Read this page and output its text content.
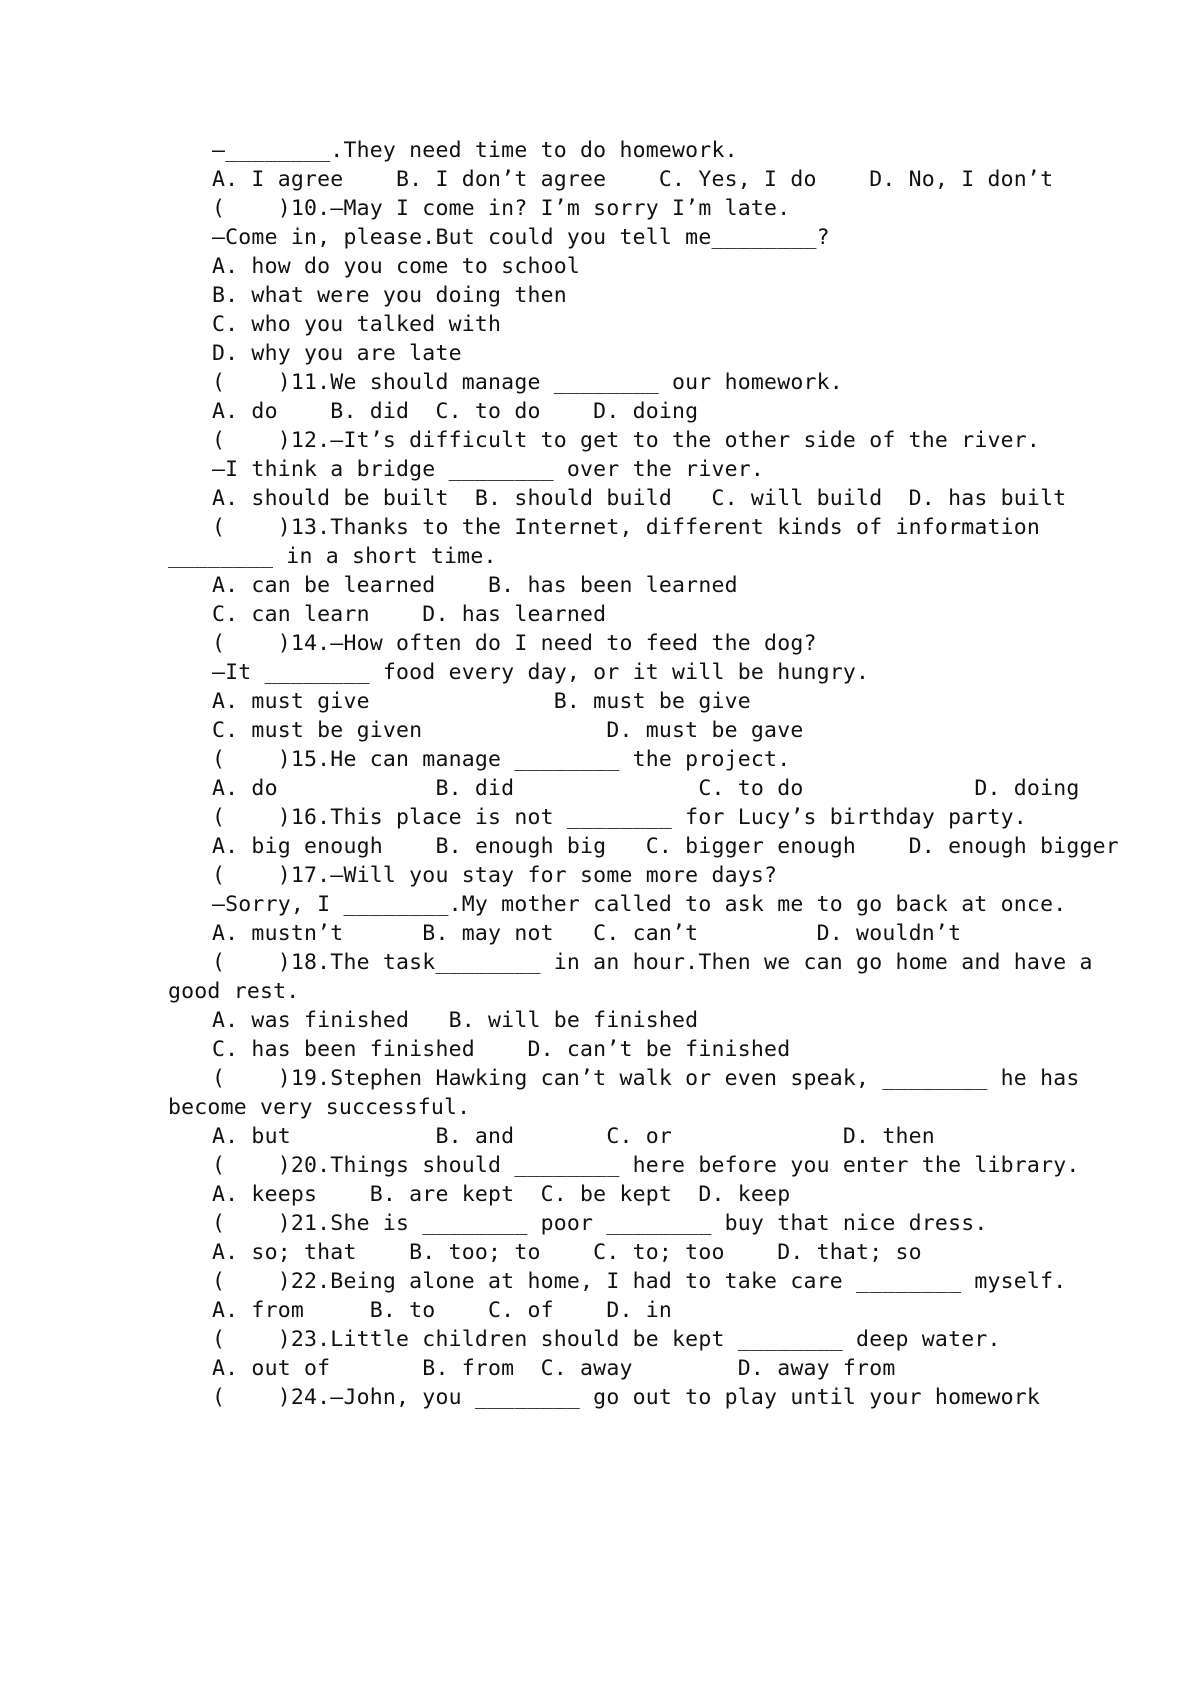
—________.They need time to do homework.
A. I agree    B. I don’t agree    C. Yes, I do    D. No, I don’t
(    )10.—May I come in? I’m sorry I’m late.
—Come in, please.But could you tell me________?
A. how do you come to school
B. what were you doing then
C. who you talked with
D. why you are late
(    )11.We should manage ________ our homework.
A. do    B. did  C. to do    D. doing
(    )12.—It’s difficult to get to the other side of the river.
—I think a bridge ________ over the river.
A. should be built  B. should build   C. will build  D. has built
(    )13.Thanks to the Internet, different kinds of information
________ in a short time.
A. can be learned    B. has been learned
C. can learn    D. has learned
(    )14.—How often do I need to feed the dog?
—It ________ food every day, or it will be hungry.
A. must give              B. must be give
C. must be given              D. must be gave
(    )15.He can manage ________ the project.
A. do            B. did              C. to do             D. doing
(    )16.This place is not ________ for Lucy’s birthday party.
A. big enough    B. enough big   C. bigger enough    D. enough bigger
(    )17.—Will you stay for some more days?
—Sorry, I ________.My mother called to ask me to go back at once.
A. mustn’t      B. may not   C. can’t         D. wouldn’t
(    )18.The task________ in an hour.Then we can go home and have a
good rest.
A. was finished   B. will be finished
C. has been finished    D. can’t be finished
(    )19.Stephen Hawking can’t walk or even speak, ________ he has
become very successful.
A. but           B. and       C. or             D. then
(    )20.Things should ________ here before you enter the library.
A. keeps    B. are kept  C. be kept  D. keep
(    )21.She is ________ poor ________ buy that nice dress.
A. so; that    B. too; to    C. to; too    D. that; so
(    )22.Being alone at home, I had to take care ________ myself.
A. from     B. to    C. of    D. in
(    )23.Little children should be kept ________ deep water.
A. out of       B. from  C. away        D. away from
(    )24.—John, you ________ go out to play until your homework
